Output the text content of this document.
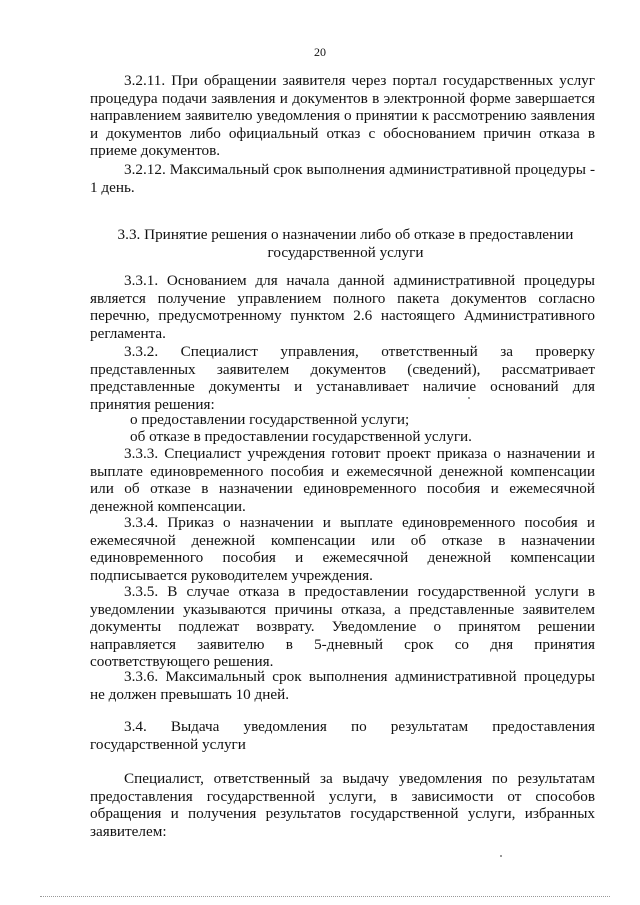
20
3.2.11. При обращении заявителя через портал государственных услуг процедура подачи заявления и документов в электронной форме завершается направлением заявителю уведомления о принятии к рассмотрению заявления и документов либо официальный отказ с обоснованием причин отказа в приеме документов.
3.2.12. Максимальный срок выполнения административной процедуры - 1 день.
3.3. Принятие решения о назначении либо об отказе в предоставлении государственной услуги
3.3.1. Основанием для начала данной административной процедуры является получение управлением полного пакета документов согласно перечню, предусмотренному пунктом 2.6 настоящего Административного регламента.
3.3.2. Специалист управления, ответственный за проверку представленных заявителем документов (сведений), рассматривает представленные документы и устанавливает наличие оснований для принятия решения:
о предоставлении государственной услуги;
об отказе в предоставлении государственной услуги.
3.3.3. Специалист учреждения готовит проект приказа о назначении и выплате единовременного пособия и ежемесячной денежной компенсации или об отказе в назначении единовременного пособия и ежемесячной денежной компенсации.
3.3.4. Приказ о назначении и выплате единовременного пособия и ежемесячной денежной компенсации или об отказе в назначении единовременного пособия и ежемесячной денежной компенсации подписывается руководителем учреждения.
3.3.5. В случае отказа в предоставлении государственной услуги в уведомлении указываются причины отказа, а представленные заявителем документы подлежат возврату. Уведомление о принятом решении направляется заявителю в 5-дневный срок со дня принятия соответствующего решения.
3.3.6. Максимальный срок выполнения административной процедуры не должен превышать 10 дней.
3.4. Выдача уведомления по результатам предоставления государственной услуги
Специалист, ответственный за выдачу уведомления по результатам предоставления государственной услуги, в зависимости от способов обращения и получения результатов государственной услуги, избранных заявителем:
